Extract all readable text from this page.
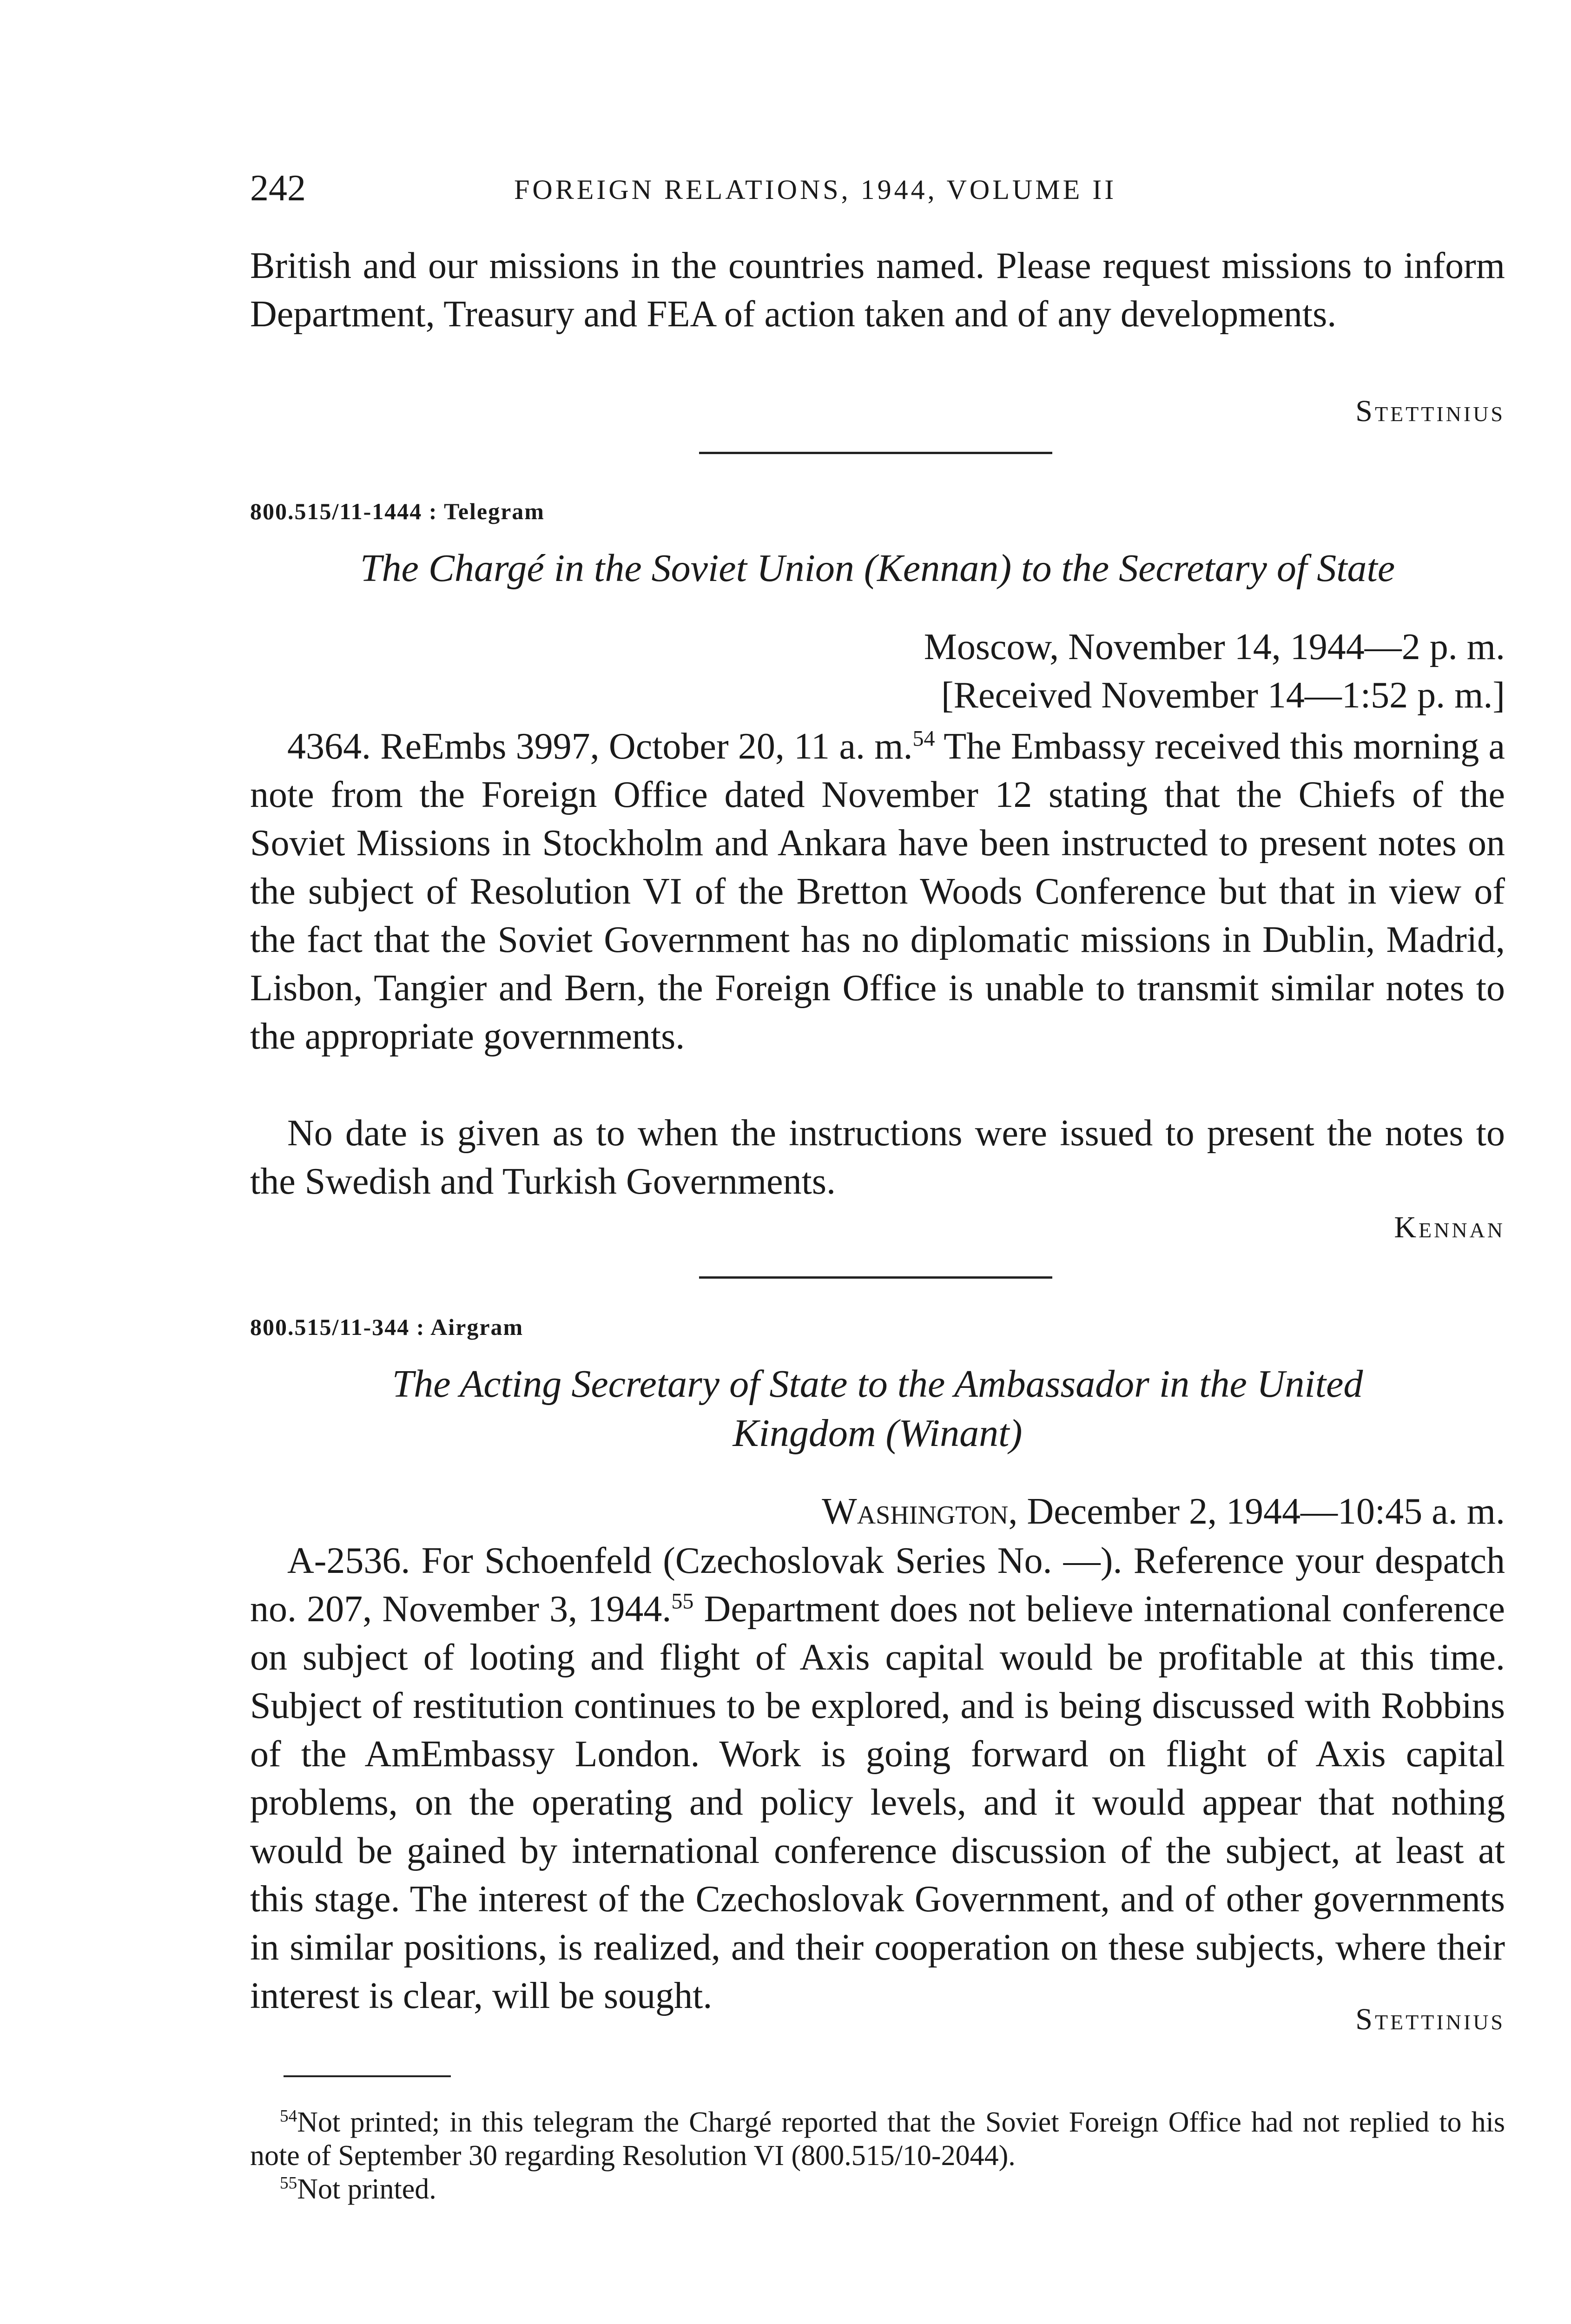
242	FOREIGN RELATIONS, 1944, VOLUME II

British and our missions in the countries named. Please request missions to inform Department, Treasury and FEA of action taken and of any developments.

Stettinius
800.515/11-1444 : Telegram
The Chargé in the Soviet Union (Kennan) to the Secretary of State
Moscow, November 14, 1944—2 p. m.
[Received November 14—1:52 p. m.]

4364. ReEmbs 3997, October 20, 11 a. m.$^{54}$ The Embassy received this morning a note from the Foreign Office dated November 12 stating that the Chiefs of the Soviet Missions in Stockholm and Ankara have been instructed to present notes on the subject of Resolution VI of the Bretton Woods Conference but that in view of the fact that the Soviet Government has no diplomatic missions in Dublin, Madrid, Lisbon, Tangier and Bern, the Foreign Office is unable to transmit similar notes to the appropriate governments.

No date is given as to when the instructions were issued to present the notes to the Swedish and Turkish Governments.

Kennan
800.515/11-344 : Airgram
The Acting Secretary of State to the Ambassador in the United
Kingdom (Winant)
Washington, December 2, 1944—10:45 a. m.

A-2536. For Schoenfeld (Czechoslovak Series No. —). Reference your despatch no. 207, November 3, 1944.55 Department does not believe international conference on subject of looting and flight of Axis capital would be profitable at this time. Subject of restitution continues to be explored, and is being discussed with Robbins of the AmEmbassy London. Work is going forward on flight of Axis capital problems, on the operating and policy levels, and it would appear that nothing would be gained by international conference discussion of the subject, at least at this stage. The interest of the Czechoslovak Government, and of other governments in similar positions, is realized, and their cooperation on these subjects, where their interest is clear, will be sought.

Stettinius

$^{54}$Not printed; in this telegram the Chargé reported that the Soviet Foreign Office had not replied to his note of September 30 regarding Resolution VI (800.515/10-2044).

$^{55}$Not printed.
